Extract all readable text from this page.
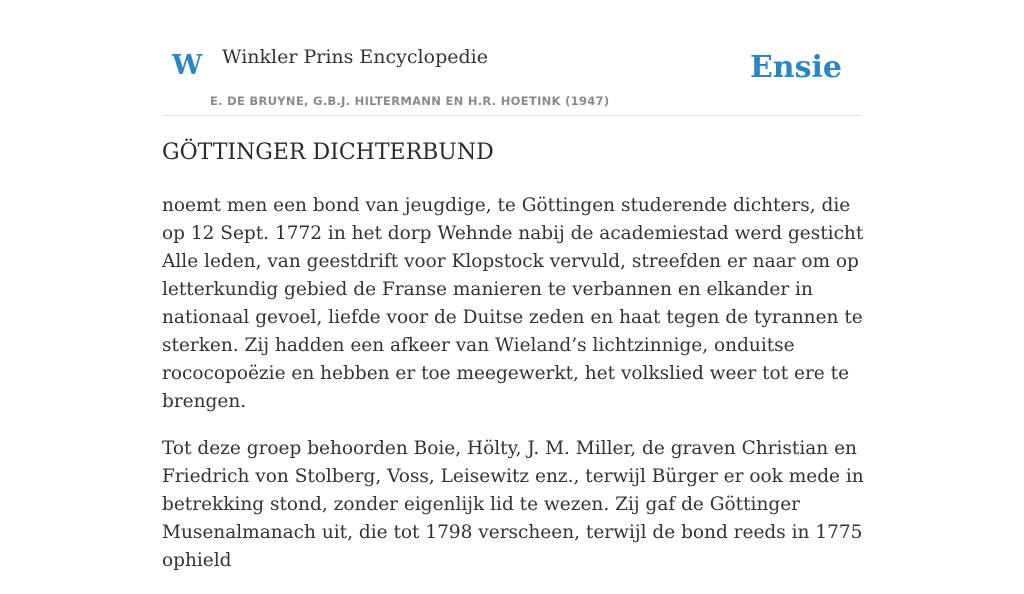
W Winkler Prins Encyclopedie
E. DE BRUYNE, G.B.J. HILTERMANN EN H.R. HOETINK (1947)
Ensie
GÖTTINGER DICHTERBUND

noemt men een bond van jeugdige, te Göttingen studerende dichters, die op 12 Sept. 1772 in het dorp Wehnde nabij de academiestad werd gesticht Alle leden, van geestdrift voor Klopstock vervuld, streefden er naar om op letterkundig gebied de Franse manieren te verbannen en elkander in nationaal gevoel, liefde voor de Duitse zeden en haat tegen de tyrannen te sterken. Zij hadden een afkeer van Wieland’s lichtzinnige, onduitse rococopoëzie en hebben er toe meegewerkt, het volkslied weer tot ere te brengen.

Tot deze groep behoorden Boie, Hölty, J. M. Miller, de graven Christian en Friedrich von Stolberg, Voss, Leisewitz enz., terwijl Bürger er ook mede in betrekking stond, zonder eigenlijk lid te wezen. Zij gaf de Göttinger Musenalmanach uit, die tot 1798 verscheen, terwijl de bond reeds in 1775 ophield
